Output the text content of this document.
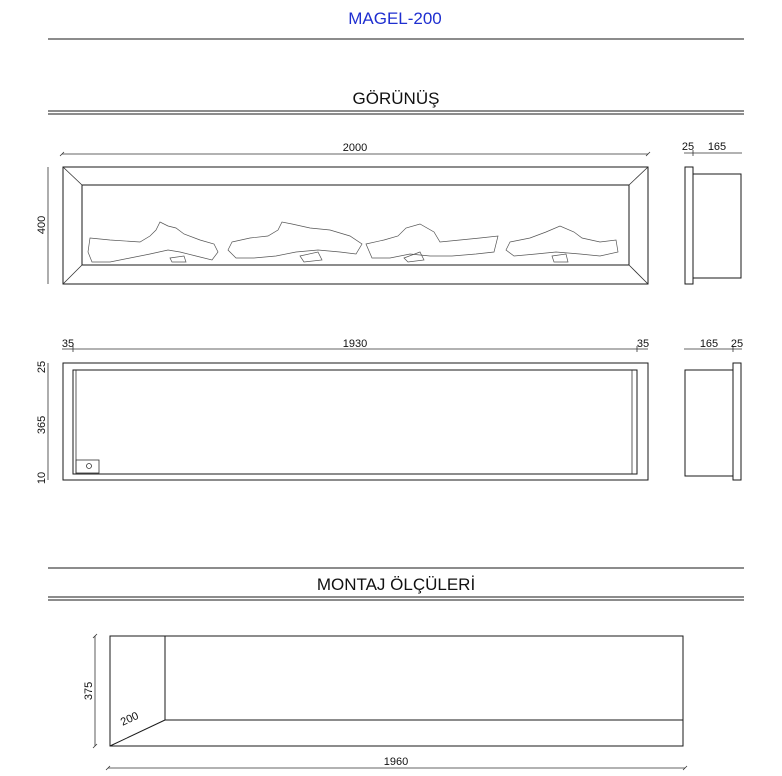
MAGEL-200
GÖRÜNÜŞ
2000
400
25 165
35	1930	35
25
365
10
165 25
MONTAJ ÖLÇÜLERİ
375
200
1960
